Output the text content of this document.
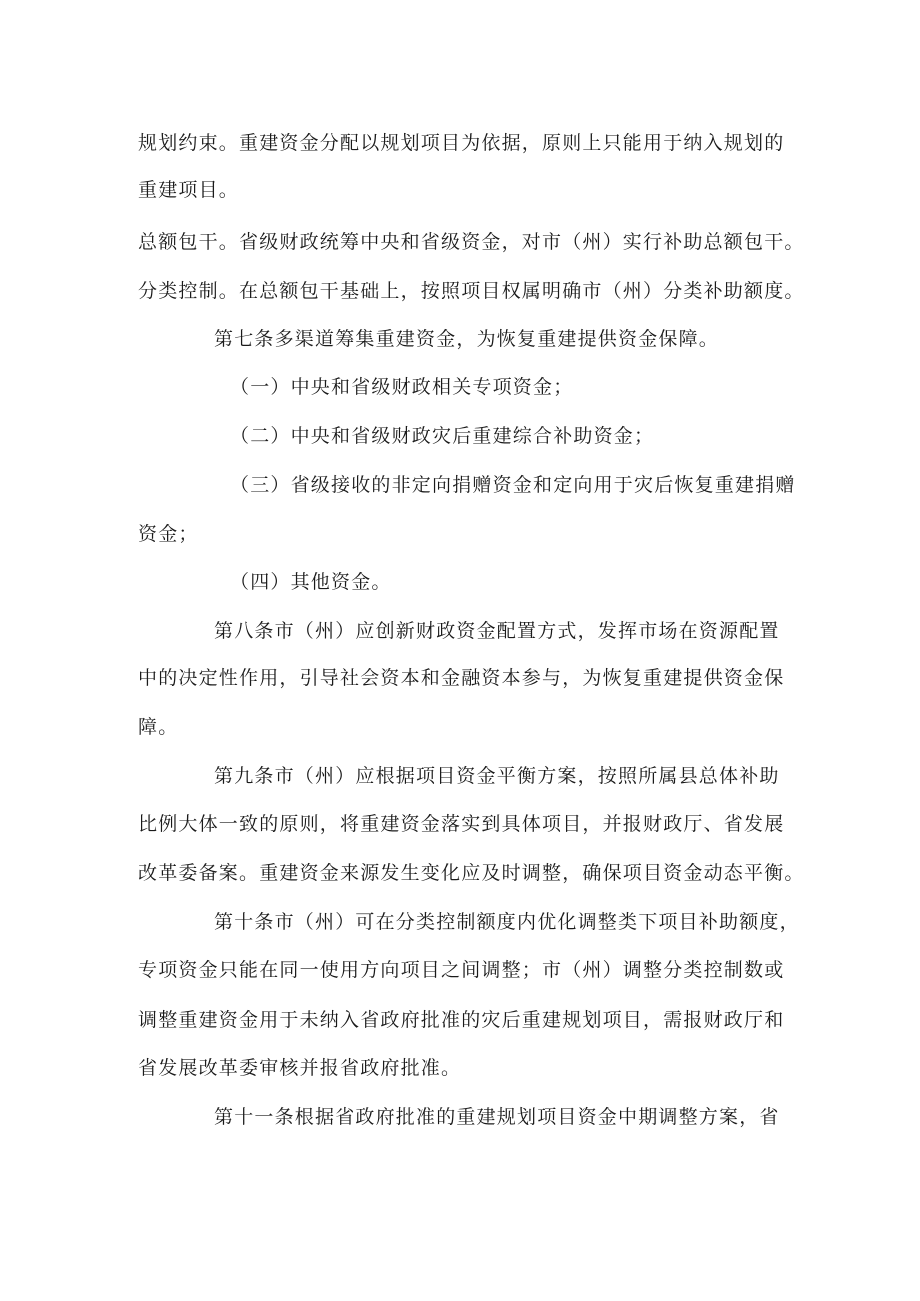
规划约束。重建资金分配以规划项目为依据，原则上只能用于纳入规划的
重建项目。
总额包干。省级财政统筹中央和省级资金，对市（州）实行补助总额包干。
分类控制。在总额包干基础上，按照项目权属明确市（州）分类补助额度。
第七条多渠道筹集重建资金，为恢复重建提供资金保障。
（一）中央和省级财政相关专项资金；
（二）中央和省级财政灾后重建综合补助资金；
（三）省级接收的非定向捐赠资金和定向用于灾后恢复重建捐赠
资金；
（四）其他资金。
第八条市（州）应创新财政资金配置方式，发挥市场在资源配置
中的决定性作用，引导社会资本和金融资本参与，为恢复重建提供资金保
障。
第九条市（州）应根据项目资金平衡方案，按照所属县总体补助
比例大体一致的原则，将重建资金落实到具体项目，并报财政厅、省发展
改革委备案。重建资金来源发生变化应及时调整，确保项目资金动态平衡。
第十条市（州）可在分类控制额度内优化调整类下项目补助额度，
专项资金只能在同一使用方向项目之间调整；市（州）调整分类控制数或
调整重建资金用于未纳入省政府批准的灾后重建规划项目，需报财政厅和
省发展改革委审核并报省政府批准。
第十一条根据省政府批准的重建规划项目资金中期调整方案，省
